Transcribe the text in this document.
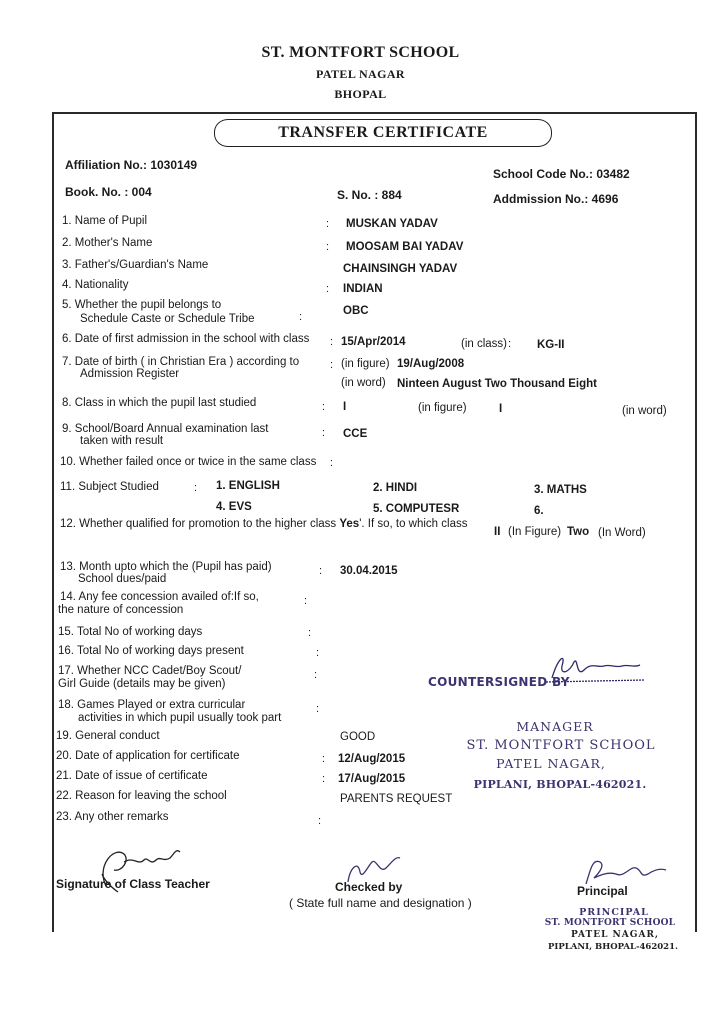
ST. MONTFORT SCHOOL
PATEL NAGAR
BHOPAL
TRANSFER CERTIFICATE
Affiliation No.: 1030149
School Code No.: 03482
Book. No. : 004	S. No. : 884	Addmission No.: 4696
1. Name of Pupil	: MUSKAN YADAV
2. Mother's Name	: MOOSAM BAI YADAV
3. Father's/Guardian's Name	CHAINSINGH YADAV
4. Nationality	: INDIAN
5. Whether the pupil belongs to
Schedule Caste or Schedule Tribe	:	OBC
6. Date of first admission in the school with class : 15/Apr/2014	(in class) : KG-II
7. Date of birth ( in Christian Era ) according to
Admission Register
: (in figure) 19/Aug/2008
(in word) Ninteen August Two Thousand Eight
8. Class in which the pupil last studied	: I	(in figure)	I	(in word)
9. School/Board Annual examination last
taken with result
: CCE
10. Whether failed once or twice in the same class :
11. Subject Studied	: 1. ENGLISH	2. HINDI	3. MATHS
4. EVS	5. COMPUTESR	6.
12. Whether qualified for promotion to the higher class Yes'. If so, to which class
II (In Figure) Two (In Word)
13. Month upto which the (Pupil has paid)
School dues/paid
: 30.04.2015
14. Any fee concession availed of:If so,
the nature of concession
:
15. Total No of working days	:
16. Total No of working days present	:
17. Whether NCC Cadet/Boy Scout/
Girl Guide (details may be given)
:	COUNTERSIGNED BY
18. Games Played or extra curricular
activities in which pupil usually took part
:
MANAGER
ST. MONTFORT SCHOOL
PATEL NAGAR,
PIPLANI, BHOPAL-462021.
19. General conduct	GOOD
20. Date of application for certificate	: 12/Aug/2015
21. Date of issue of certificate	: 17/Aug/2015
22. Reason for leaving the school	PARENTS REQUEST
23. Any other remarks	:
Signature of Class Teacher	Checked by
( State full name and designation )
Principal
PRINCIPAL
ST. MONTFORT SCHOOL
PATEL NAGAR,
PIPLANI, BHOPAL-462021.
